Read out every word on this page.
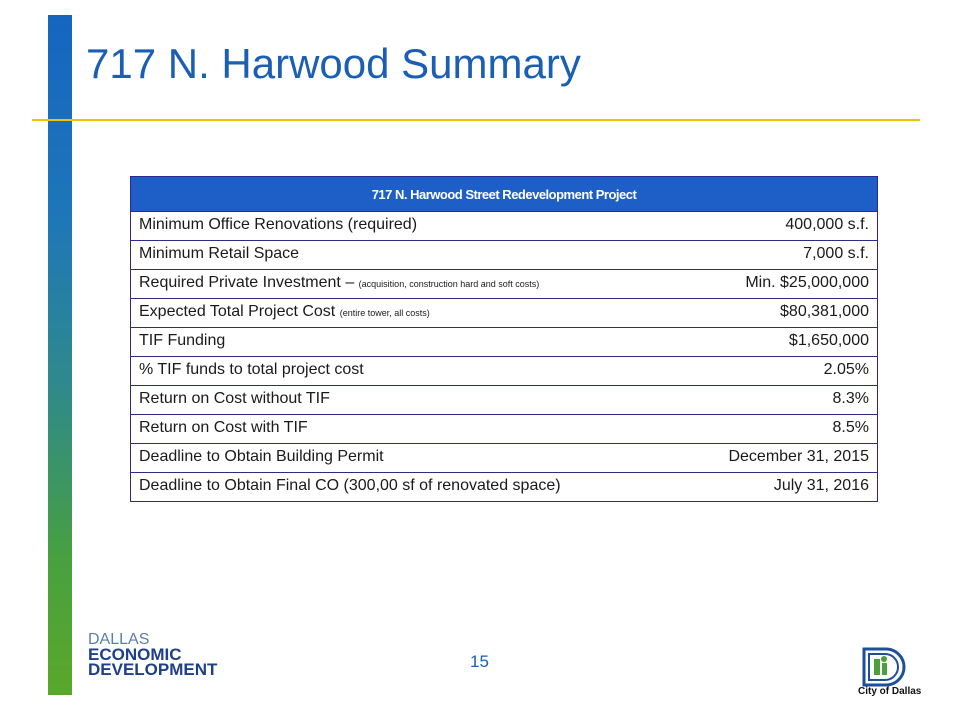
717 N. Harwood Summary
717 N. Harwood Street Redevelopment Project	
Minimum Office Renovations (required)	400,000 s.f.
Minimum Retail Space	7,000 s.f.
Required Private Investment – (acquisition, construction hard and soft costs)	Min. $25,000,000
Expected Total Project Cost (entire tower, all costs)	$80,381,000
TIF Funding	$1,650,000
% TIF funds to total project cost	2.05%
Return on Cost without TIF	8.3%
Return on Cost with TIF	8.5%
Deadline to Obtain Building Permit	December 31, 2015
Deadline to Obtain Final CO (300,00 sf of renovated space)	July 31, 2016
15
DALLAS
ECONOMIC
DEVELOPMENT
City of Dallas
